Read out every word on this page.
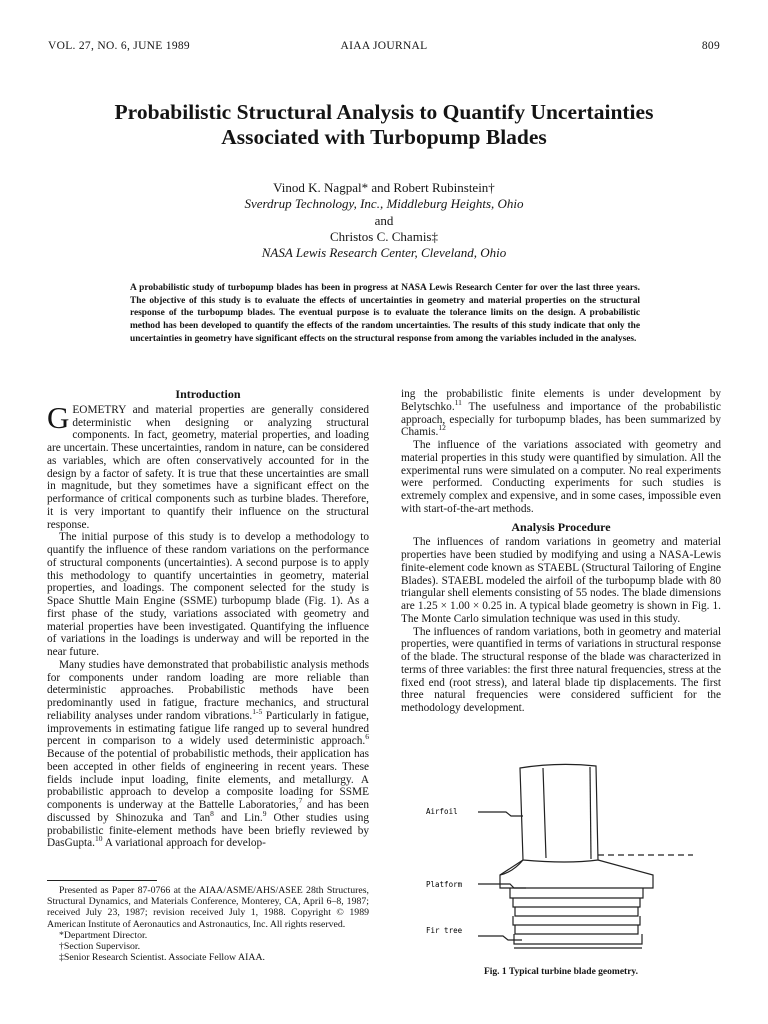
VOL. 27, NO. 6, JUNE 1989	AIAA JOURNAL	809
Probabilistic Structural Analysis to Quantify Uncertainties
Associated with Turbopump Blades
Vinod K. Nagpal* and Robert Rubinstein†
Sverdrup Technology, Inc., Middleburg Heights, Ohio
and
Christos C. Chamis‡
NASA Lewis Research Center, Cleveland, Ohio
A probabilistic study of turbopump blades has been in progress at NASA Lewis Research Center for over the last three years. The objective of this study is to evaluate the effects of uncertainties in geometry and material properties on the structural response of the turbopump blades. The eventual purpose is to evaluate the tolerance limits on the design. A probabilistic method has been developed to quantify the effects of the random uncertainties. The results of this study indicate that only the uncertainties in geometry have significant effects on the structural response from among the variables included in the analyses.
Introduction

GEOMETRY and material properties are generally considered deterministic when designing or analyzing structural components. In fact, geometry, material properties, and loading are uncertain. These uncertainties, random in nature, can be considered as variables, which are often conservatively accounted for in the design by a factor of safety. It is true that these uncertainties are small in magnitude, but they sometimes have a significant effect on the performance of critical components such as turbine blades. Therefore, it is very important to quantify their influence on the structural response.

The initial purpose of this study is to develop a methodology to quantify the influence of these random variations on the performance of structural components (uncertainties). A second purpose is to apply this methodology to quantify uncertainties in geometry, material properties, and loadings. The component selected for the study is Space Shuttle Main Engine (SSME) turbopump blade (Fig. 1). As a first phase of the study, variations associated with geometry and material properties have been investigated. Quantifying the influence of variations in the loadings is underway and will be reported in the near future.

Many studies have demonstrated that probabilistic analysis methods for components under random loading are more reliable than deterministic approaches. Probabilistic methods have been predominantly used in fatigue, fracture mechanics, and structural reliability analyses under random vibrations.$^{1-5}$ Particularly in fatigue, improvements in estimating fatigue life ranged up to several hundred percent in comparison to a widely used deterministic approach.$^6$ Because of the potential of probabilistic methods, their application has been accepted in other fields of engineering in recent years. These fields include input loading, finite elements, and metallurgy. A probabilistic approach to develop a composite loading for SSME components is underway at the Battelle Laboratories,$^7$ and has been discussed by Shinozuka and Tan$^8$ and Lin.$^9$ Other studies using probabilistic finite-element methods have been briefly reviewed by DasGupta.$^{10}$ A variational approach for develop-

Presented as Paper 87-0766 at the AIAA/ASME/AHS/ASEE 28th Structures, Structural Dynamics, and Materials Conference, Monterey, CA, April 6–8, 1987; received July 23, 1987; revision received July 1, 1988. Copyright © 1989 American Institute of Aeronautics and Astronautics, Inc. All rights reserved.

*Department Director.

†Section Supervisor.

‡Senior Research Scientist. Associate Fellow AIAA.

ing the probabilistic finite elements is under development by Belytschko.$^{11}$ The usefulness and importance of the probabilistic approach, especially for turbopump blades, has been summarized by Chamis.$^{12}$

The influence of the variations associated with geometry and material properties in this study were quantified by simulation. All the experimental runs were simulated on a computer. No real experiments were performed. Conducting experiments for such studies is extremely complex and expensive, and in some cases, impossible even with start-of-the-art methods.

Analysis Procedure

The influences of random variations in geometry and material properties have been studied by modifying and using a NASA-Lewis finite-element code known as STAEBL (Structural Tailoring of Engine Blades). STAEBL modeled the airfoil of the turbopump blade with 80 triangular shell elements consisting of 55 nodes. The blade dimensions are 1.25 × 1.00 × 0.25 in. A typical blade geometry is shown in Fig. 1. The Monte Carlo simulation technique was used in this study.

The influences of random variations, both in geometry and material properties, were quantified in terms of variations in structural response of the blade. The structural response of the blade was characterized in terms of three variables: the first three natural frequencies, stress at the fixed end (root stress), and lateral blade tip displacements. The first three natural frequencies were considered sufficient for the methodology development.

Airfoil
Platform
Fir tree
Fig. 1 Typical turbine blade geometry.
